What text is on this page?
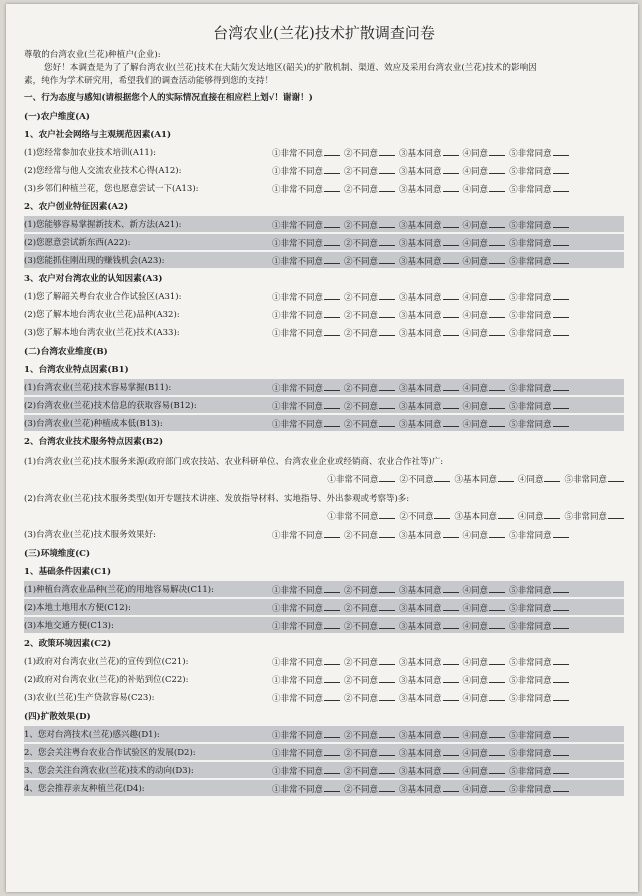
台湾农业(兰花)技术扩散调查问卷
尊敬的台湾农业(兰花)种植户(企业):
您好！本调查是为了了解台湾农业(兰花)技术在大陆欠发达地区(韶关)的扩散机制、渠道、效应及采用台湾农业(兰花)技术的影响因
素，纯作为学术研究用，希望我们的调查活动能够得到您的支持！
一、行为态度与感知(请根据您个人的实际情况直接在相应栏上划√！谢谢！)
(一)农户维度(A)
1、农户社会网络与主观规范因素(A1)
(1)您经常参加农业技术培训(A11):	①非常不同意	②不同意	③基本同意	④同意	⑤非常同意
(2)您经常与他人交流农业技术心得(A12):	①非常不同意	②不同意	③基本同意	④同意	⑤非常同意
(3)乡邻们种植兰花，您也愿意尝试一下(A13):	①非常不同意	②不同意	③基本同意	④同意	⑤非常同意
2、农户创业特征因素(A2)
(1)您能够容易掌握新技术、新方法(A21):	①非常不同意	②不同意	③基本同意	④同意	⑤非常同意
(2)您愿意尝试新东西(A22):	①非常不同意	②不同意	③基本同意	④同意	⑤非常同意
(3)您能抓住刚出现的赚钱机会(A23):	①非常不同意	②不同意	③基本同意	④同意	⑤非常同意
3、农户对台湾农业的认知因素(A3)
(1)您了解韶关粤台农业合作试验区(A31):	①非常不同意	②不同意	③基本同意	④同意	⑤非常同意
(2)您了解本地台湾农业(兰花)品种(A32):	①非常不同意	②不同意	③基本同意	④同意	⑤非常同意
(3)您了解本地台湾农业(兰花)技术(A33):	①非常不同意	②不同意	③基本同意	④同意	⑤非常同意
(二)台湾农业维度(B)
1、台湾农业特点因素(B1)
(1)台湾农业(兰花)技术容易掌握(B11):	①非常不同意	②不同意	③基本同意	④同意	⑤非常同意
(2)台湾农业(兰花)技术信息的获取容易(B12):	①非常不同意	②不同意	③基本同意	④同意	⑤非常同意
(3)台湾农业(兰花)种植成本低(B13):	①非常不同意	②不同意	③基本同意	④同意	⑤非常同意
2、台湾农业技术服务特点因素(B2)
(1)台湾农业(兰花)技术服务来源(政府部门或农技站、农业科研单位、台湾农业企业或经销商、农业合作社等)广:
①非常不同意	②不同意	③基本同意	④同意	⑤非常同意
(2)台湾农业(兰花)技术服务类型(如开专题技术讲座、发放指导材料、实地指导、外出参观或考察等)多:
①非常不同意	②不同意	③基本同意	④同意	⑤非常同意
(3)台湾农业(兰花)技术服务效果好:	①非常不同意	②不同意	③基本同意	④同意	⑤非常同意
(三)环境维度(C)
1、基础条件因素(C1)
(1)种植台湾农业品种(兰花)的用地容易解决(C11):	①非常不同意	②不同意	③基本同意	④同意	⑤非常同意
(2)本地土地用水方便(C12):	①非常不同意	②不同意	③基本同意	④同意	⑤非常同意
(3)本地交通方便(C13):	①非常不同意	②不同意	③基本同意	④同意	⑤非常同意
2、政策环境因素(C2)
(1)政府对台湾农业(兰花)的宣传到位(C21):	①非常不同意	②不同意	③基本同意	④同意	⑤非常同意
(2)政府对台湾农业(兰花)的补贴到位(C22):	①非常不同意	②不同意	③基本同意	④同意	⑤非常同意
(3)农业(兰花)生产贷款容易(C23):	①非常不同意	②不同意	③基本同意	④同意	⑤非常同意
(四)扩散效果(D)
1、您对台湾技术(兰花)感兴趣(D1):	①非常不同意	②不同意	③基本同意	④同意	⑤非常同意
2、您会关注粤台农业合作试验区的发展(D2):	①非常不同意	②不同意	③基本同意	④同意	⑤非常同意
3、您会关注台湾农业(兰花)技术的动向(D3):	①非常不同意	②不同意	③基本同意	④同意	⑤非常同意
4、您会推荐亲友种植兰花(D4):	①非常不同意	②不同意	③基本同意	④同意	⑤非常同意
